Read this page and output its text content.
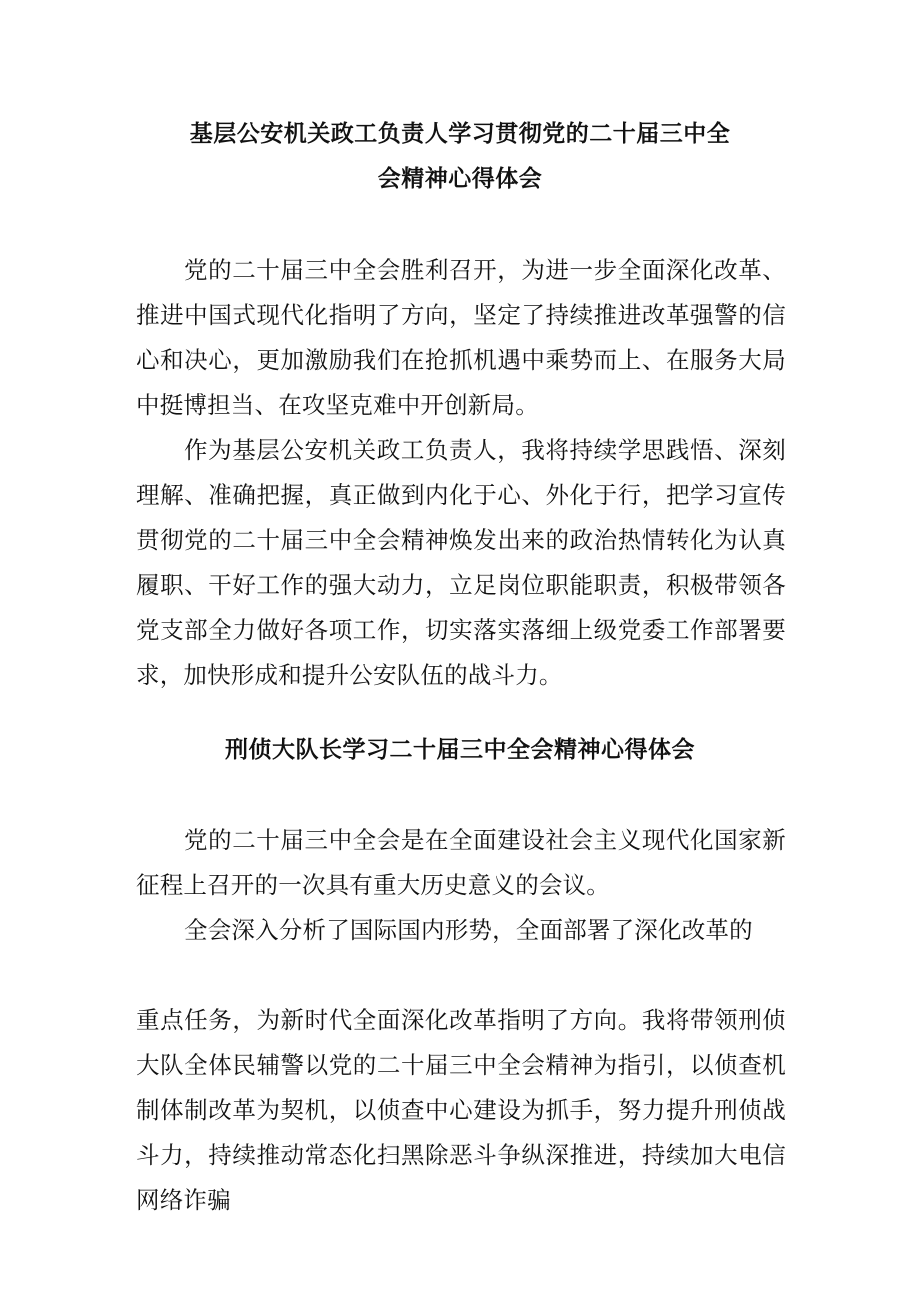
基层公安机关政工负责人学习贯彻党的二十届三中全
会精神心得体会

党的二十届三中全会胜利召开，为进一步全面深化改革、推进中国式现代化指明了方向，坚定了持续推进改革强警的信心和决心，更加激励我们在抢抓机遇中乘势而上、在服务大局中挺博担当、在攻坚克难中开创新局。

作为基层公安机关政工负责人，我将持续学思践悟、深刻理解、准确把握，真正做到内化于心、外化于行，把学习宣传贯彻党的二十届三中全会精神焕发出来的政治热情转化为认真履职、干好工作的强大动力，立足岗位职能职责，积极带领各党支部全力做好各项工作，切实落实落细上级党委工作部署要求，加快形成和提升公安队伍的战斗力。

刑侦大队长学习二十届三中全会精神心得体会

党的二十届三中全会是在全面建设社会主义现代化国家新征程上召开的一次具有重大历史意义的会议。

全会深入分析了国际国内形势，全面部署了深化改革的

重点任务，为新时代全面深化改革指明了方向。我将带领刑侦大队全体民辅警以党的二十届三中全会精神为指引，以侦查机制体制改革为契机，以侦查中心建设为抓手，努力提升刑侦战斗力，持续推动常态化扫黑除恶斗争纵深推进，持续加大电信网络诈骗
